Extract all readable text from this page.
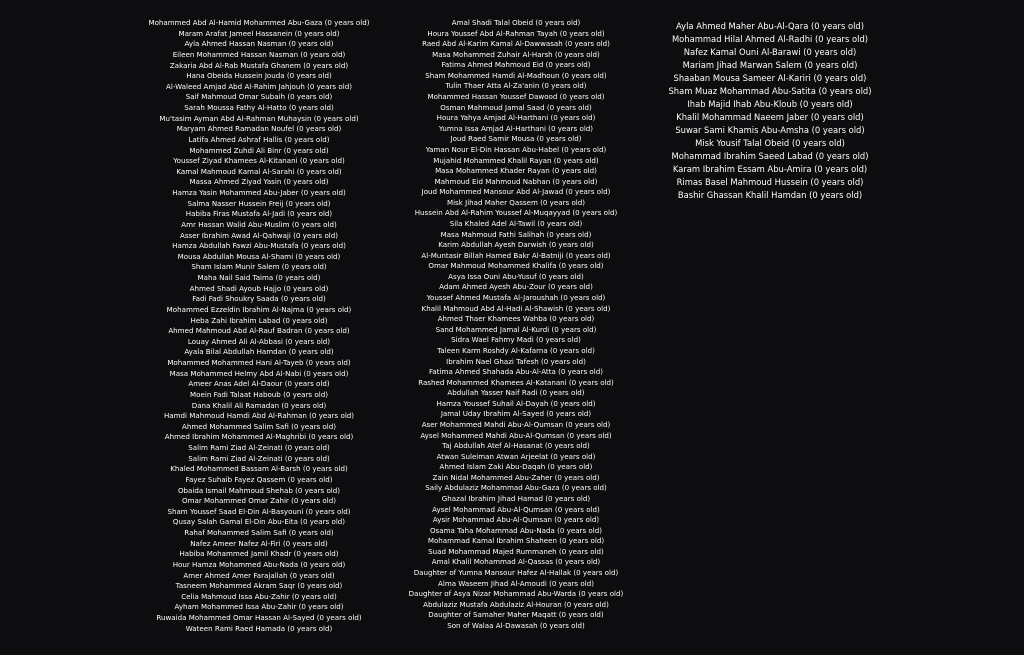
Mohammed Abd Al-Hamid Mohammed Abu-Gaza (0 years old)
Maram Arafat Jameel Hassanein (0 years old)
Ayla Ahmed Hassan Nasman (0 years old)
Eileen Mohammed Hassan Nasman (0 years old)
Zakaria Abd Al-Rab Mustafa Ghanem (0 years old)
Hana Obeida Hussein Jouda (0 years old)
Al-Waleed Amjad Abd Al-Rahim Jahjouh (0 years old)
Saif Mahmoud Omar Subaih (0 years old)
Sarah Moussa Fathy Al-Hatto (0 years old)
Mu'tasim Ayman Abd Al-Rahman Muhaysin (0 years old)
Maryam Ahmed Ramadan Noufel (0 years old)
Latifa Ahmed Ashraf Hallis (0 years old)
Mohammed Zuhdi Ali Binr (0 years old)
Youssef Ziyad Khamees Al-Kitanani (0 years old)
Kamal Mahmoud Kamal Al-Sarahi (0 years old)
Massa Ahmed Ziyad Yasin (0 years old)
Hamza Yasin Mohammed Abu-Jaber (0 years old)
Salma Nasser Hussein Freij (0 years old)
Habiba Firas Mustafa Al-Jadi (0 years old)
Amr Hassan Walid Abu-Muslim (0 years old)
Asser Ibrahim Awad Al-Qahwaji (0 years old)
Hamza Abdullah Fawzi Abu-Mustafa (0 years old)
Mousa Abdullah Mousa Al-Shami (0 years old)
Sham Islam Munir Salem (0 years old)
Maha Nail Said Taima (0 years old)
Ahmed Shadi Ayoub Hajjo (0 years old)
Fadi Fadi Shoukry Saada (0 years old)
Mohammed Ezzeldin Ibrahim Al-Najma (0 years old)
Heba Zahi Ibrahim Labad (0 years old)
Ahmed Mahmoud Abd Al-Rauf Badran (0 years old)
Louay Ahmed Ali Al-Abbasi (0 years old)
Ayala Bilal Abdullah Hamdan (0 years old)
Mohammed Mohammed Hani Al-Tayeb (0 years old)
Masa Mohammed Helmy Abd Al-Nabi (0 years old)
Ameer Anas Adel Al-Daour (0 years old)
Moein Fadi Talaat Haboub (0 years old)
Dana Khalil Ali Ramadan (0 years old)
Hamdi Mahmoud Hamdi Abd Al-Rahman (0 years old)
Ahmed Mohammed Salim Safi (0 years old)
Ahmed Ibrahim Mohammed Al-Maghribi (0 years old)
Salim Rami Ziad Al-Zeinati (0 years old)
Salim Rami Ziad Al-Zeinati (0 years old)
Khaled Mohammed Bassam Al-Barsh (0 years old)
Fayez Suhaib Fayez Qassem (0 years old)
Obaida Ismail Mahmoud Shehab (0 years old)
Omar Mohammed Omar Zahir (0 years old)
Sham Youssef Saad El-Din Al-Basyouni (0 years old)
Qusay Salah Gamal El-Din Abu-Eita (0 years old)
Rahaf Mohammed Salim Safi (0 years old)
Nafez Ameer Nafez Al-Firi (0 years old)
Habiba Mohammed Jamil Khadr (0 years old)
Hour Hamza Mohammed Abu-Nada (0 years old)
Amer Ahmed Amer Farajallah (0 years old)
Tasneem Mohammed Akram Saqr (0 years old)
Celia Mahmoud Issa Abu-Zahir (0 years old)
Ayham Mohammed Issa Abu-Zahir (0 years old)
Ruwaida Mohammed Omar Hassan Al-Sayed (0 years old)
Wateen Rami Raed Hamada (0 years old)
Amal Shadi Talal Obeid (0 years old)
Houra Youssef Abd Al-Rahman Tayah (0 years old)
Raed Abd Al-Karim Kamal Al-Dawwasah (0 years old)
Masa Mohammed Zuhair Al-Harsh (0 years old)
Fatima Ahmed Mahmoud Eid (0 years old)
Sham Mohammed Hamdi Al-Madhoun (0 years old)
Tulin Thaer Atta Al-Za'anin (0 years old)
Mohammed Hassan Youssef Dawood (0 years old)
Osman Mahmoud Jamal Saad (0 years old)
Houra Yahya Amjad Al-Harthani (0 years old)
Yumna Issa Amjad Al-Harthani (0 years old)
Joud Raed Samir Mousa (0 years old)
Yaman Nour El-Din Hassan Abu-Habel (0 years old)
Mujahid Mohammed Khalil Rayan (0 years old)
Masa Mohammed Khader Rayan (0 years old)
Mahmoud Eid Mahmoud Nabhan (0 years old)
Joud Mohammed Mansour Abd Al-Jawad (0 years old)
Misk Jihad Maher Qassem (0 years old)
Hussein Abd Al-Rahim Youssef Al-Muqayyad (0 years old)
Sila Khaled Adel Al-Tawil (0 years old)
Masa Mahmoud Fathi Salihah (0 years old)
Karim Abdullah Ayesh Darwish (0 years old)
Al-Muntasir Billah Hamed Bakr Al-Batniji (0 years old)
Omar Mahmoud Mohammed Khalifa (0 years old)
Asya Issa Ouni Abu-Yusuf (0 years old)
Adam Ahmed Ayesh Abu-Zour (0 years old)
Youssef Ahmed Mustafa Al-Jaroushah (0 years old)
Khalil Mahmoud Abd Al-Hadi Al-Shawish (0 years old)
Ahmed Thaer Khamees Wahba (0 years old)
Sand Mohammed Jamal Al-Kurdi (0 years old)
Sidra Wael Fahmy Madi (0 years old)
Taleen Karm Roshdy Al-Kafarna (0 years old)
Ibrahim Nael Ghazi Tafesh (0 years old)
Fatima Ahmed Shahada Abu-Al-Atta (0 years old)
Rashed Mohammed Khamees Al-Katanani (0 years old)
Abdullah Yasser Naif Radi (0 years old)
Hamza Youssef Suhail Al-Dayah (0 years old)
Jamal Uday Ibrahim Al-Sayed (0 years old)
Aser Mohammed Mahdi Abu-Al-Qumsan (0 years old)
Aysel Mohammed Mahdi Abu-Al-Qumsan (0 years old)
Taj Abdullah Atef Al-Hasanat (0 years old)
Atwan Suleiman Atwan Arjeelat (0 years old)
Ahmed Islam Zaki Abu-Daqah (0 years old)
Zain Nidal Mohammed Abu-Zaher (0 years old)
Saily Abdulaziz Mohammad Abu-Gaza (0 years old)
Ghazal Ibrahim Jihad Hamad (0 years old)
Aysel Mohammad Abu-Al-Qumsan (0 years old)
Aysir Mohammad Abu-Al-Qumsan (0 years old)
Osama Taha Mohammad Abu-Nada (0 years old)
Mohammad Kamal Ibrahim Shaheen (0 years old)
Suad Mohammad Majed Rummaneh (0 years old)
Amal Khalil Mohammad Al-Qassas (0 years old)
Daughter of Yumna Mansour Hafez Al-Hallak (0 years old)
Alma Waseem Jihad Al-Amoudi (0 years old)
Daughter of Asya Nizar Mohammad Abu-Warda (0 years old)
Abdulaziz Mustafa Abdulaziz Al-Houran (0 years old)
Daughter of Samaher Maher Maqatt (0 years old)
Son of Walaa Al-Dawasah (0 years old)
Ayla Ahmed Maher Abu-Al-Qara (0 years old)
Mohammad Hilal Ahmed Al-Radhi (0 years old)
Nafez Kamal Ouni Al-Barawi (0 years old)
Mariam Jihad Marwan Salem (0 years old)
Shaaban Mousa Sameer Al-Kariri (0 years old)
Sham Muaz Mohammad Abu-Satita (0 years old)
Ihab Majid Ihab Abu-Kloub (0 years old)
Khalil Mohammad Naeem Jaber (0 years old)
Suwar Sami Khamis Abu-Amsha (0 years old)
Misk Yousif Talal Obeid (0 years old)
Mohammad Ibrahim Saeed Labad (0 years old)
Karam Ibrahim Essam Abu-Amira (0 years old)
Rimas Basel Mahmoud Hussein (0 years old)
Bashir Ghassan Khalil Hamdan (0 years old)
